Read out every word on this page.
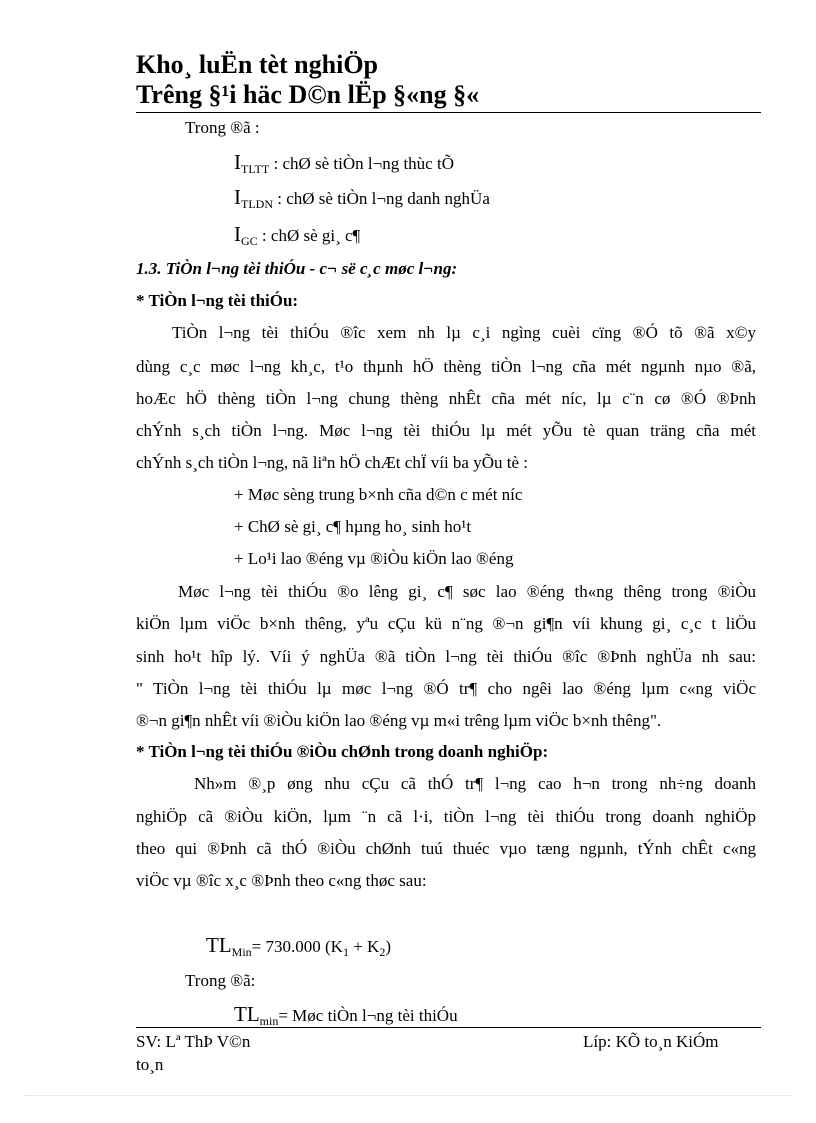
Kho¸ luËn tèt nghiÖp
Trêng §¹i häc D©n lËp §«ng §«
Trong ®ã :
$I_{TLTT}$ : chØ sè tiÒn l¬ng thùc tÕ
$I_{TLDN}$ : chØ sè tiÒn l¬ng danh nghÜa
$I_{GC}$ : chØ sè gi¸ c¶
1.3. TiÒn l¬ng tèi thiÓu - c¬ së c¸c møc l¬ng:
* TiÒn l¬ng tèi thiÓu:
TiÒn l¬ng tèi thiÓu ®îc xem nh lµ c¸i ngìng cuèi cïng ®Ó tõ ®ã x©y
dùng c¸c møc l¬ng kh¸c, t¹o thµnh hÖ thèng tiÒn l¬ng cña mét ngµnh nµo ®ã,
hoÆc hÖ thèng tiÒn l¬ng chung thèng nhÊt cña mét níc, lµ c¨n cø ®Ó ®Þnh
chÝnh s¸ch tiÒn l¬ng. Møc l¬ng tèi thiÓu lµ mét yÕu tè quan träng cña mét
chÝnh s¸ch tiÒn l¬ng, nã liªn hÖ chÆt chÏ víi ba yÕu tè :
+ Møc sèng trung b×nh cña d©n c mét níc
+ ChØ sè gi¸ c¶ hµng ho¸ sinh ho¹t
+ Lo¹i lao ®éng vµ ®iÒu kiÖn lao ®éng
Møc l¬ng tèi thiÓu ®o lêng gi¸ c¶ søc lao ®éng th«ng thêng trong ®iÒu
kiÖn lµm viÖc b×nh thêng, yªu cÇu kü n¨ng ®¬n gi¶n víi khung gi¸ c¸c t liÖu
sinh ho¹t hîp lý. Víi ý nghÜa ®ã tiÒn l¬ng tèi thiÓu ®îc ®Þnh nghÜa nh sau:
" TiÒn l¬ng tèi thiÓu lµ møc l¬ng ®Ó tr¶ cho ngêi lao ®éng lµm c«ng viÖc
®¬n gi¶n nhÊt víi ®iÒu kiÖn lao ®éng vµ m«i trêng lµm viÖc b×nh thêng".
* TiÒn l¬ng tèi thiÓu ®iÒu chØnh trong doanh nghiÖp:
Nh»m ®¸p øng nhu cÇu cã thÓ tr¶ l¬ng cao h¬n trong nh÷ng doanh
nghiÖp cã ®iÒu kiÖn, lµm ¨n cã l·i, tiÒn l¬ng tèi thiÓu trong doanh nghiÖp
theo qui ®Þnh cã thÓ ®iÒu chØnh tuú thuéc vµo tæng ngµnh, tÝnh chÊt c«ng
viÖc vµ ®îc x¸c ®Þnh theo c«ng thøc sau:
$TL_{Min}= 730.000$ $(K_1 + K_2)$
Trong ®ã:
$TL_{min}=$ Møc tiÒn l¬ng tèi thiÓu
SV: Lª ThÞ V©n
to¸n
Líp: KÕ to¸n KiÓm
